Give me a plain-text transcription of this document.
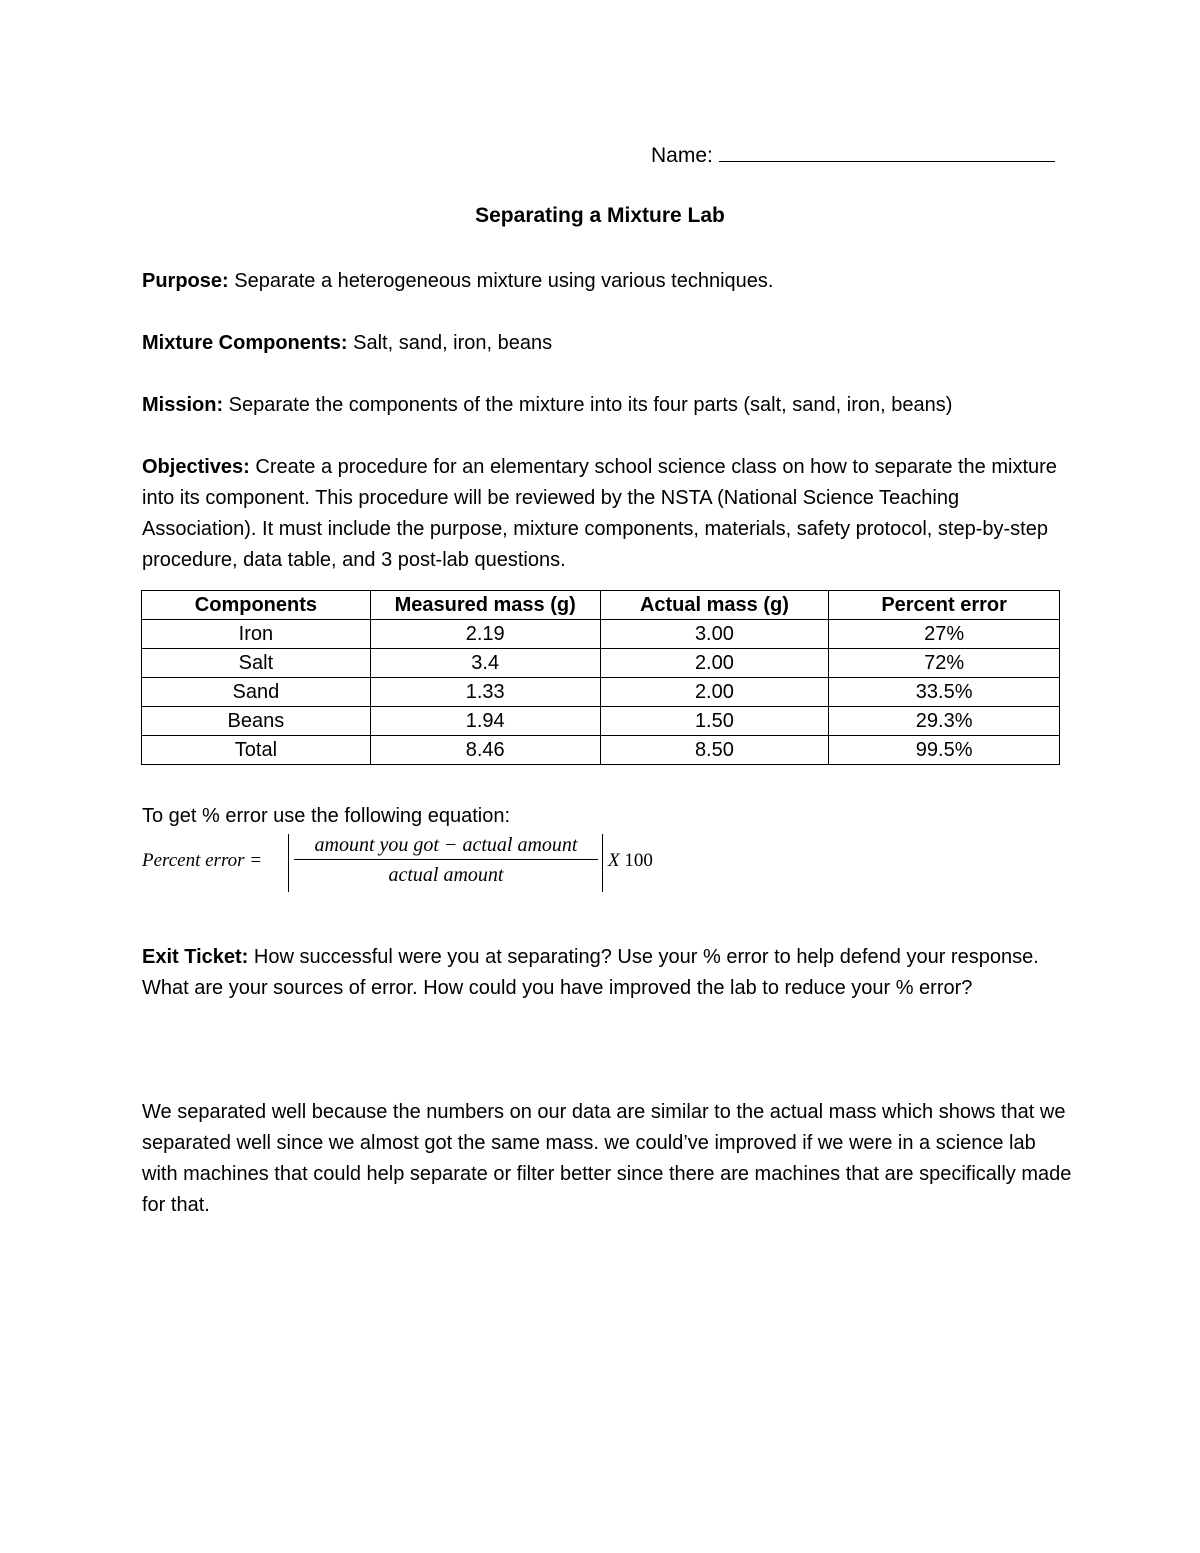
Name:
Separating a Mixture Lab
Purpose: Separate a heterogeneous mixture using various techniques.
Mixture Components: Salt, sand, iron, beans
Mission: Separate the components of the mixture into its four parts (salt, sand, iron, beans)
Objectives: Create a procedure for an elementary school science class on how to separate the mixture into its component. This procedure will be reviewed by the NSTA (National Science Teaching Association). It must include the purpose, mixture components, materials, safety protocol, step-by-step procedure, data table, and 3 post-lab questions.
Components	Measured mass (g)	Actual mass (g)	Percent error
Iron	2.19	3.00	27%
Salt	3.4	2.00	72%
Sand	1.33	2.00	33.5%
Beans	1.94	1.50	29.3%
Total	8.46	8.50	99.5%
To get % error use the following equation:
Percent error =
amount you got − actual amount
actual amount
X 100
Exit Ticket: How successful were you at separating? Use your % error to help defend your response. What are your sources of error. How could you have improved the lab to reduce your % error?
We separated well because the numbers on our data are similar to the actual mass which shows that we separated well since we almost got the same mass. we could’ve improved if we were in a science lab with machines that could help separate or filter better since there are machines that are specifically made for that.
